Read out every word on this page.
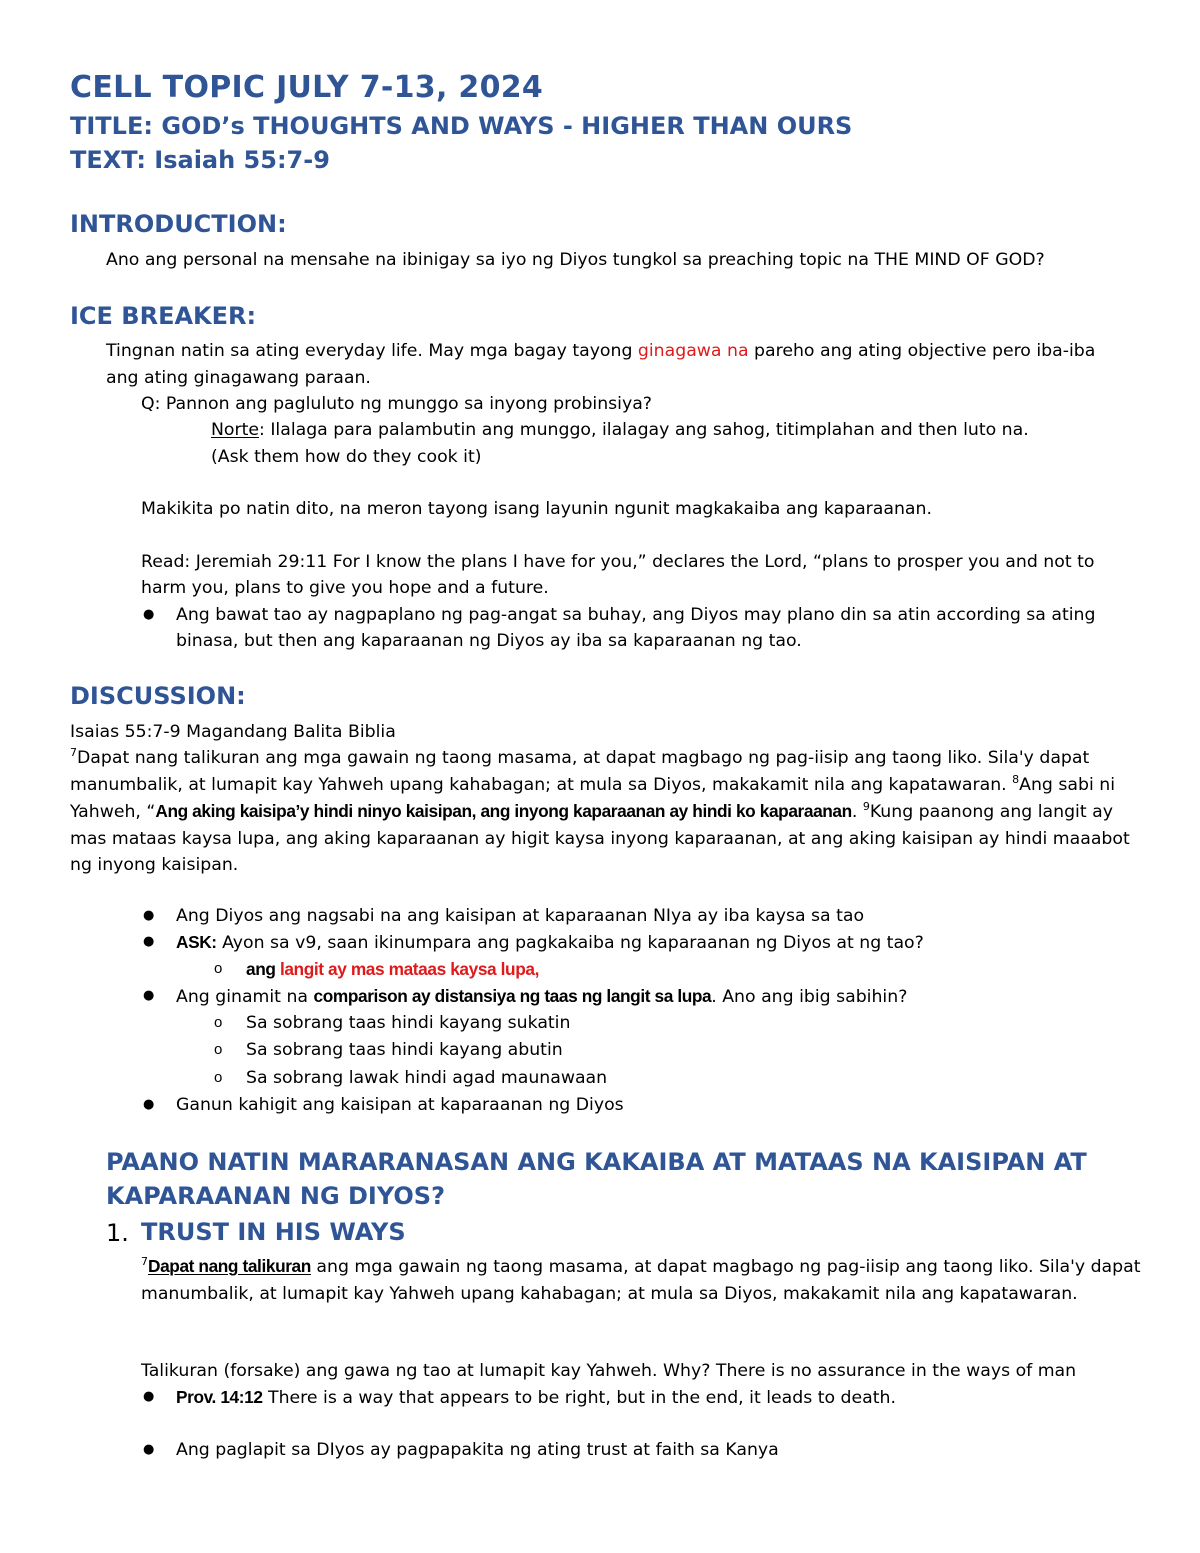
CELL TOPIC JULY 7-13, 2024
TITLE: GOD’s THOUGHTS AND WAYS - HIGHER THAN OURS
TEXT: Isaiah 55:7-9
INTRODUCTION:
Ano ang personal na mensahe na ibinigay sa iyo ng Diyos tungkol sa preaching topic na THE MIND OF GOD?
ICE BREAKER:
Tingnan natin sa ating everyday life. May mga bagay tayong ginagawa na pareho ang ating objective pero iba-iba
ang ating ginagawang paraan.
Q: Pannon ang pagluluto ng munggo sa inyong probinsiya?
Norte: Ilalaga para palambutin ang munggo, ilalagay ang sahog, titimplahan and then luto na.
(Ask them how do they cook it)
Makikita po natin dito, na meron tayong isang layunin ngunit magkakaiba ang kaparaanan.
Read: Jeremiah 29:11 For I know the plans I have for you,” declares the Lord, “plans to prosper you and not to
harm you, plans to give you hope and a future.
● Ang bawat tao ay nagpaplano ng pag-angat sa buhay, ang Diyos may plano din sa atin according sa ating
binasa, but then ang kaparaanan ng Diyos ay iba sa kaparaanan ng tao.
DISCUSSION:
Isaias 55:7-9 Magandang Balita Biblia
$^7$Dapat nang talikuran ang mga gawain ng taong masama, at dapat magbago ng pag-iisip ang taong liko. Sila'y dapat manumbalik, at lumapit kay Yahweh upang kahabagan; at mula sa Diyos, makakamit nila ang kapatawaran. $^8$Ang sabi ni Yahweh, “Ang aking kaisipa’y hindi ninyo kaisipan, ang inyong kaparaanan ay hindi ko kaparaanan. $^9$Kung paanong ang langit ay mas mataas kaysa lupa, ang aking kaparaanan ay higit kaysa inyong kaparaanan, at ang aking kaisipan ay hindi maaabot ng inyong kaisipan.
● Ang Diyos ang nagsabi na ang kaisipan at kaparaanan NIya ay iba kaysa sa tao
● ASK: Ayon sa v9, saan ikinumpara ang pagkakaiba ng kaparaanan ng Diyos at ng tao?
o ang langit ay mas mataas kaysa lupa,
● Ang ginamit na comparison ay distansiya ng taas ng langit sa lupa. Ano ang ibig sabihin?
o Sa sobrang taas hindi kayang sukatin
o Sa sobrang taas hindi kayang abutin
o Sa sobrang lawak hindi agad maunawaan
● Ganun kahigit ang kaisipan at kaparaanan ng Diyos
PAANO NATIN MARARANASAN ANG KAKAIBA AT MATAAS NA KAISIPAN AT KAPARAANAN NG DIYOS?
1. TRUST IN HIS WAYS
$^7$Dapat nang talikuran ang mga gawain ng taong masama, at dapat magbago ng pag-iisip ang taong liko. Sila'y dapat manumbalik, at lumapit kay Yahweh upang kahabagan; at mula sa Diyos, makakamit nila ang kapatawaran.
Talikuran (forsake) ang gawa ng tao at lumapit kay Yahweh. Why? There is no assurance in the ways of man
● Prov. 14:12 There is a way that appears to be right, but in the end, it leads to death.
● Ang paglapit sa DIyos ay pagpapakita ng ating trust at faith sa Kanya
